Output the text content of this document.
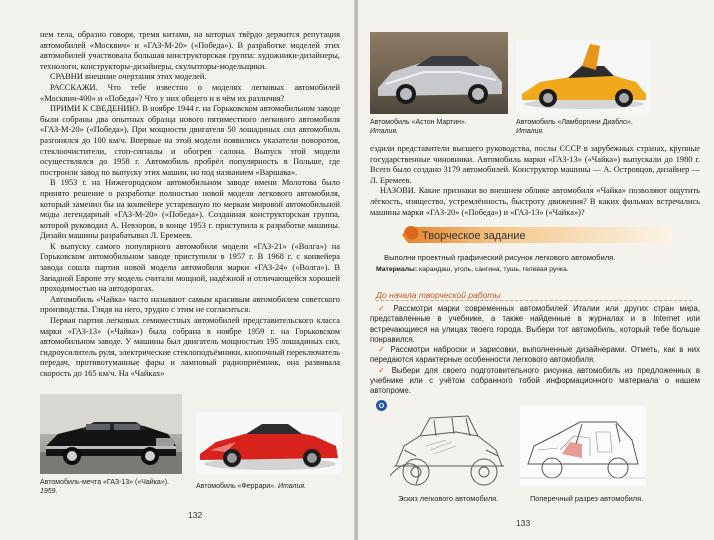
нем тела, образно говоря, тремя китами, на которых твёрдо держится репутация автомобилей «Москвич» и «ГАЗ-М-20» («Победа»). В разработке моделей этих автомобилей участвовала большая конструкторская группа: художники-дизайнеры, технологи, конструкторы-дизайнеры, скульпторы-модельщики.

СРАВНИ внешние очертания этих моделей.

РАССКАЖИ. Что тебе известно о моделях легковых автомобилей «Москвич-400» и «Победа»? Что у них общего и в чём их различия?

ПРИМИ К СВЕДЕНИЮ. В ноябре 1944 г. на Горьковском автомобильном заводе были собраны два опытных образца нового пятиместного легкового автомобиля «ГАЗ-М-20» («Победа»). При мощности двигателя 50 лошадиных сил автомобиль разгонялся до 100 км/ч. Впервые на этой модели появились указатели поворотов, стеклоочистители, стоп-сигналы и обогрев салона. Выпуск этой модели осуществлялся до 1958 г. Автомобиль пробрёл популярность в Польше, где построили завод по выпуску этих машин, но под названием «Варшава».

В 1953 г. на Нижегородском автомобильном заводе имени Молотова было принято решение о разработке полностью новой модели легкового автомобиля, который заменил бы на конвейере устаревшую по меркам мировой автомобильной моды легендарный «ГАЗ-М-20» («Победа»). Созданная конструкторская группа, которой руководил А. Невзоров, в конце 1953 г. приступила к разработке машины. Дизайн машины разрабатывал Л. Еремеев.

К выпуску самого популярного автомобиля модели «ГАЗ-21» («Волга») на Горьковском автомобильном заводе приступили в 1957 г. В 1968 г. с конвейера завода сошла партия новой модели автомобиля марки «ГАЗ-24» («Волга»). В Западной Европе эту модель считали мощной, надёжной и отличающейся хорошей проходимостью на автодорогах.

Автомобиль «Чайка» часто называют самым красивым автомобилем советского производства. Глядя на него, трудно с этим не согласиться.

Первая партия легковых семиместных автомобилей представительского класса марки «ГАЗ-13» («Чайка») была собрана в ноябре 1959 г. на Горьковском автомобильном заводе. У машины был двигатель мощностью 195 лошадиных сил, гидроусилитель руля, электрические стеклоподъёмники, кнопочный переключатель передач, противотуманные фары и ламповый радиоприёмник, она развивала скорость до 165 км/ч. На «Чайках»

Автомобиль-мечта «ГАЗ-13» («Чайка»). 1959.
Автомобиль «Феррари». Италия.
132
Автомобиль «Астон Мартин».
Италия.
Автомобиль «Ламборгини Диабло».
Италия.

ездили представители высшего руководства, послы СССР в зарубежных странах, крупные государственные чиновники. Автомобиль марки «ГАЗ-13» («Чайка») выпускали до 1980 г. Всего было создано 3179 автомобилей. Конструктор машины — А. Островцов, дизайнер — Л. Еремеев.

НАЗОВИ. Какие признаки во внешнем облике автомобиля «Чайка» позволяют ощутить лёгкость, изящество, устремлённость, быстроту движения? В каких фильмах встречались машины марки «ГАЗ-20» («Победа») и «ГАЗ-13» («Чайка»)?

Творческое задание
Выполни проектный графический рисунок легкового автомобиля.
Материалы: карандаш, уголь, сангина, тушь, гелевая ручка.
До начала творческой работы

✓ Рассмотри марки современных автомобилей Италии или других стран мира, представленные в учебнике, а также найденные в журналах и в Internet или встречающиеся на улицах твоего города. Выбери тот автомобиль, который тебе больше понравился.

✓ Рассмотри наброски и зарисовки, выполненные дизайнерами. Отметь, как в них передаются характерные особенности легкового автомобиля.

✓ Выбери для своего подготовительного рисунка автомобиль из предложенных в учебнике или с учётом собранного тобой информационного материала о нашем автопроме.

Эскиз легкового автомобиля.	Поперечный разрез автомобиля.
133
